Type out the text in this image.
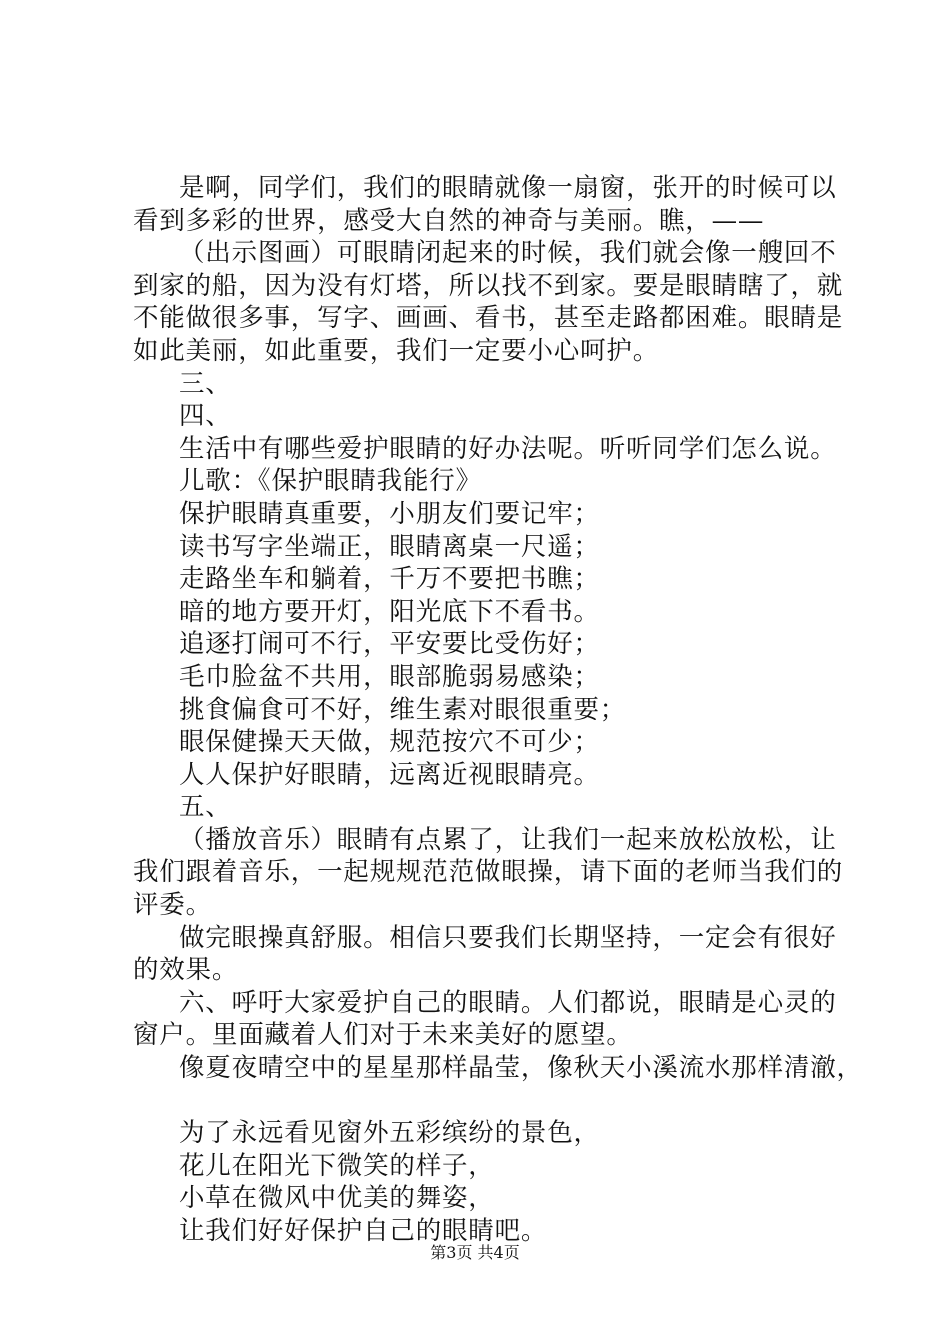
是啊，同学们，我们的眼睛就像一扇窗，张开的时候可以
看到多彩的世界，感受大自然的神奇与美丽。瞧，——
（出示图画）可眼睛闭起来的时候，我们就会像一艘回不
到家的船，因为没有灯塔，所以找不到家。要是眼睛瞎了，就
不能做很多事，写字、画画、看书，甚至走路都困难。眼睛是
如此美丽，如此重要，我们一定要小心呵护。
三、
四、
生活中有哪些爱护眼睛的好办法呢。听听同学们怎么说。
儿歌：《保护眼睛我能行》
保护眼睛真重要，小朋友们要记牢；
读书写字坐端正，眼睛离桌一尺遥；
走路坐车和躺着，千万不要把书瞧；
暗的地方要开灯，阳光底下不看书。
追逐打闹可不行，平安要比受伤好；
毛巾脸盆不共用，眼部脆弱易感染；
挑食偏食可不好，维生素对眼很重要；
眼保健操天天做，规范按穴不可少；
人人保护好眼睛，远离近视眼睛亮。
五、
（播放音乐）眼睛有点累了，让我们一起来放松放松，让
我们跟着音乐，一起规规范范做眼操，请下面的老师当我们的
评委。
做完眼操真舒服。相信只要我们长期坚持，一定会有很好
的效果。
六、呼吁大家爱护自己的眼睛。人们都说，眼睛是心灵的
窗户。里面藏着人们对于未来美好的愿望。
像夏夜晴空中的星星那样晶莹，像秋天小溪流水那样清澈，
为了永远看见窗外五彩缤纷的景色，
花儿在阳光下微笑的样子，
小草在微风中优美的舞姿，
让我们好好保护自己的眼睛吧。
第3页 共4页
